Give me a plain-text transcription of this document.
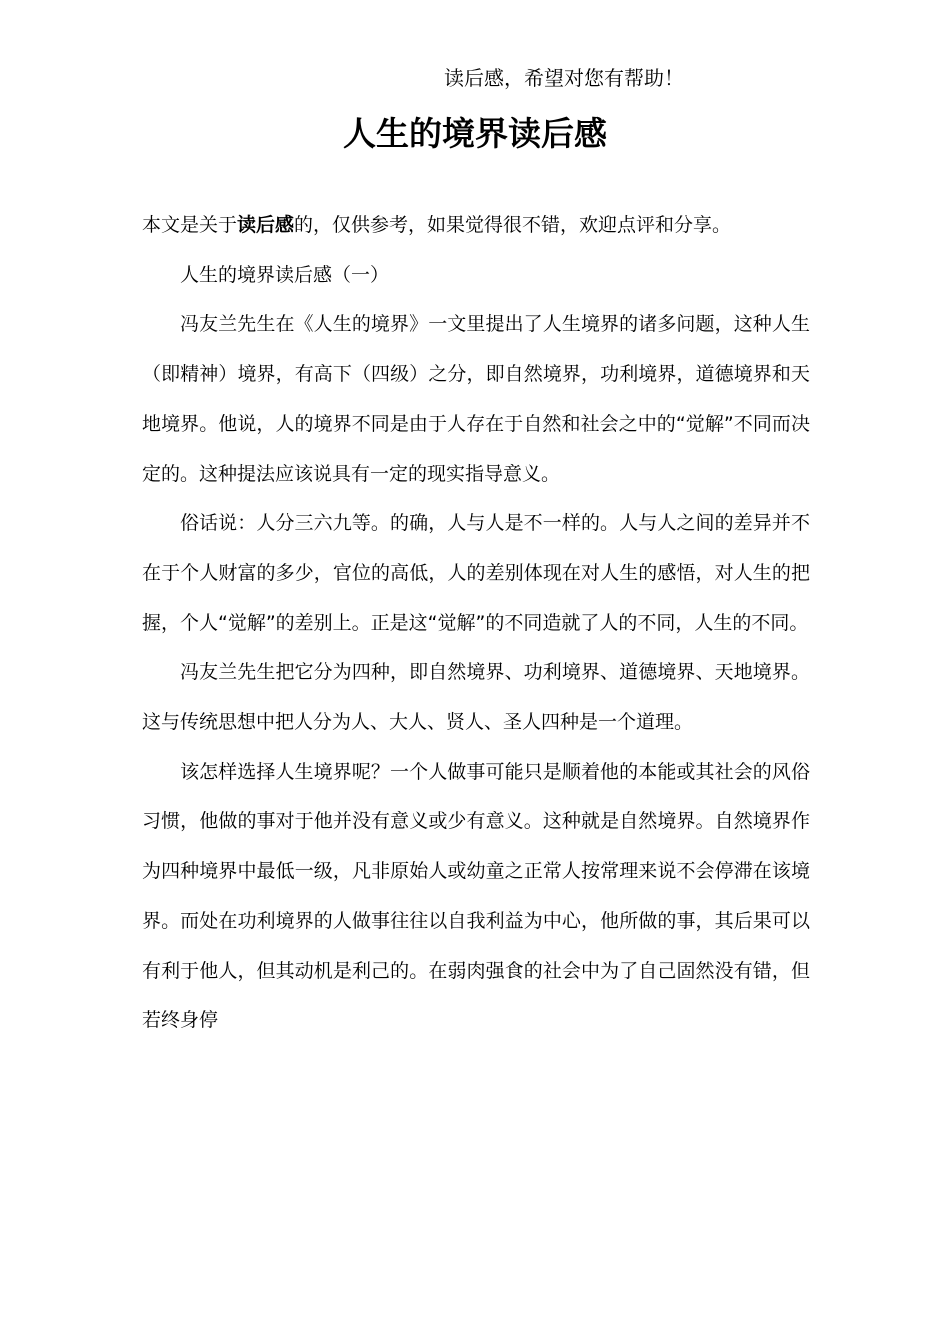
读后感，希望对您有帮助！
人生的境界读后感

本文是关于读后感的，仅供参考，如果觉得很不错，欢迎点评和分享。

人生的境界读后感（一）

冯友兰先生在《人生的境界》一文里提出了人生境界的诸多问题，这种人生（即精神）境界，有高下（四级）之分，即自然境界，功利境界，道德境界和天地境界。他说，人的境界不同是由于人存在于自然和社会之中的“觉解”不同而决定的。这种提法应该说具有一定的现实指导意义。

俗话说：人分三六九等。的确，人与人是不一样的。人与人之间的差异并不在于个人财富的多少，官位的高低，人的差别体现在对人生的感悟，对人生的把握，个人“觉解”的差别上。正是这“觉解”的不同造就了人的不同，人生的不同。

冯友兰先生把它分为四种，即自然境界、功利境界、道德境界、天地境界。这与传统思想中把人分为人、大人、贤人、圣人四种是一个道理。

该怎样选择人生境界呢？一个人做事可能只是顺着他的本能或其社会的风俗习惯，他做的事对于他并没有意义或少有意义。这种就是自然境界。自然境界作为四种境界中最低一级，凡非原始人或幼童之正常人按常理来说不会停滞在该境界。而处在功利境界的人做事往往以自我利益为中心，他所做的事，其后果可以有利于他人，但其动机是利己的。在弱肉强食的社会中为了自己固然没有错，但若终身停
